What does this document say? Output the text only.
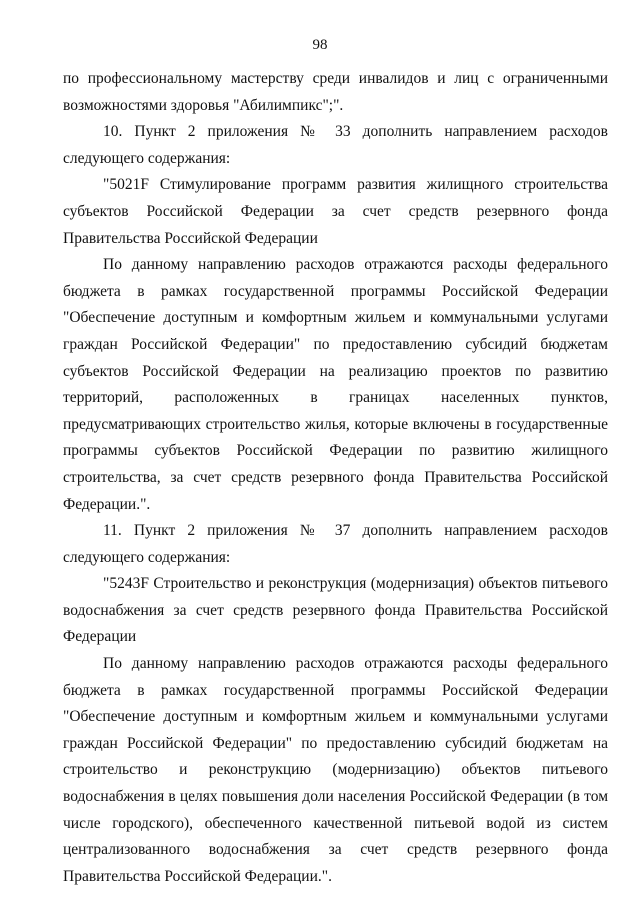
98

по профессиональному мастерству среди инвалидов и лиц с ограниченными возможностями здоровья "Абилимпикс";".

10. Пункт 2 приложения № 33 дополнить направлением расходов следующего содержания:

"5021F Стимулирование программ развития жилищного строительства субъектов Российской Федерации за счет средств резервного фонда Правительства Российской Федерации

По данному направлению расходов отражаются расходы федерального бюджета в рамках государственной программы Российской Федерации "Обеспечение доступным и комфортным жильем и коммунальными услугами граждан Российской Федерации" по предоставлению субсидий бюджетам субъектов Российской Федерации на реализацию проектов по развитию территорий, расположенных в границах населенных пунктов, предусматривающих строительство жилья, которые включены в государственные программы субъектов Российской Федерации по развитию жилищного строительства, за счет средств резервного фонда Правительства Российской Федерации.".

11. Пункт 2 приложения № 37 дополнить направлением расходов следующего содержания:

"5243F Строительство и реконструкция (модернизация) объектов питьевого водоснабжения за счет средств резервного фонда Правительства Российской Федерации

По данному направлению расходов отражаются расходы федерального бюджета в рамках государственной программы Российской Федерации "Обеспечение доступным и комфортным жильем и коммунальными услугами граждан Российской Федерации" по предоставлению субсидий бюджетам на строительство и реконструкцию (модернизацию) объектов питьевого водоснабжения в целях повышения доли населения Российской Федерации (в том числе городского), обеспеченного качественной питьевой водой из систем централизованного водоснабжения за счет средств резервного фонда Правительства Российской Федерации.".
